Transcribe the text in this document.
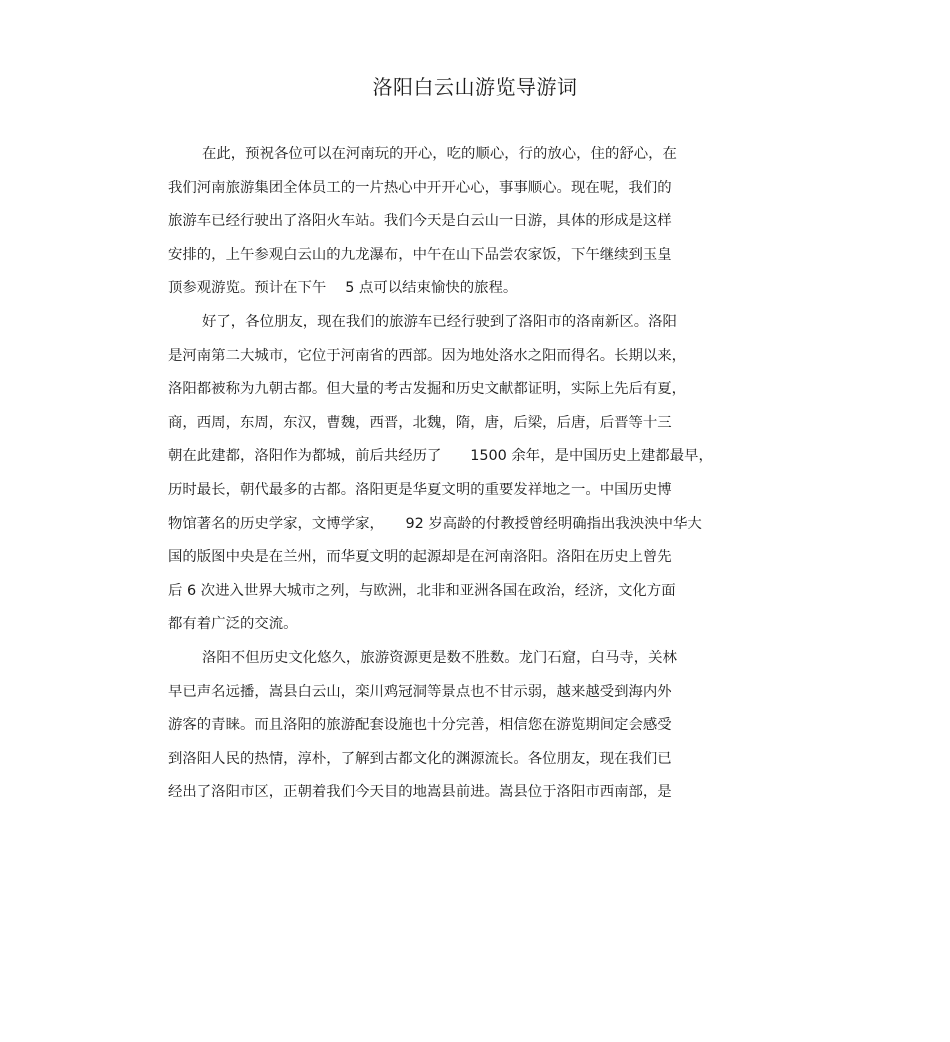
洛阳白云山游览导游词
在此，预祝各位可以在河南玩的开心，吃的顺心，行的放心，住的舒心，在
我们河南旅游集团全体员工的一片热心中开开心心，事事顺心。现在呢，我们的
旅游车已经行驶出了洛阳火车站。我们今天是白云山一日游，具体的形成是这样
安排的，上午参观白云山的九龙瀑布，中午在山下品尝农家饭，下午继续到玉皇
顶参观游览。预计在下午　 5 点可以结束愉快的旅程。
好了，各位朋友，现在我们的旅游车已经行驶到了洛阳市的洛南新区。洛阳
是河南第二大城市，它位于河南省的西部。因为地处洛水之阳而得名。长期以来，
洛阳都被称为九朝古都。但大量的考古发掘和历史文献都证明，实际上先后有夏，
商，西周，东周，东汉，曹魏，西晋，北魏，隋，唐，后梁，后唐，后晋等十三
朝在此建都，洛阳作为都城，前后共经历了　　1500 余年，是中国历史上建都最早，
历时最长，朝代最多的古都。洛阳更是华夏文明的重要发祥地之一。中国历史博
物馆著名的历史学家，文博学家，　　92 岁高龄的付教授曾经明确指出我泱泱中华大
国的版图中央是在兰州，而华夏文明的起源却是在河南洛阳。洛阳在历史上曾先
后 6 次进入世界大城市之列，与欧洲，北非和亚洲各国在政治，经济，文化方面
都有着广泛的交流。
洛阳不但历史文化悠久，旅游资源更是数不胜数。龙门石窟，白马寺，关林
早已声名远播，嵩县白云山，栾川鸡冠洞等景点也不甘示弱，越来越受到海内外
游客的青睐。而且洛阳的旅游配套设施也十分完善，相信您在游览期间定会感受
到洛阳人民的热情，淳朴，了解到古都文化的渊源流长。各位朋友，现在我们已
经出了洛阳市区，正朝着我们今天目的地嵩县前进。嵩县位于洛阳市西南部，是
